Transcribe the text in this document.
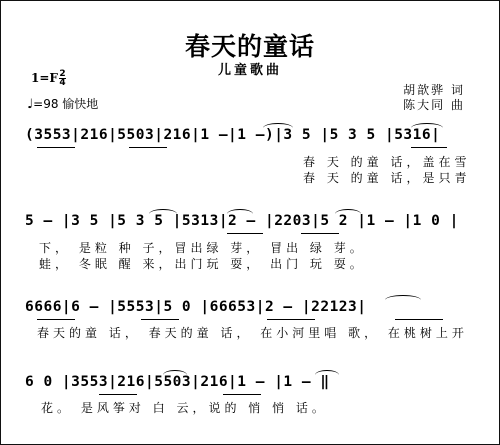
春天的童话
儿童歌曲
1=F 2
4
♩=98 愉快地
胡歆骅 词
陈大同 曲
(3553|216|5503|216|1 –|1 –)|3 5 |5 3 5 |5316|
春 天 的童 话，盖在雪
春 天 的童 话，是只青
5 – |3 5 |5 3 5 |5313|2 – |2203|5 2 |1 – |1 0 |
下， 是粒 种 子，冒出绿 芽， 冒出 绿 芽。
蛙， 冬眠 醒 来，出门玩 耍， 出门 玩 耍。
6666|6 – |5553|5 0 |66653|2 – |22123|
春天的童 话， 春天的童 话， 在小河里唱 歌， 在桃树上开
6 0 |3553|216|5503|216|1 – |1 – ‖
花。 是风筝对 白 云，说的 悄 悄 话。
